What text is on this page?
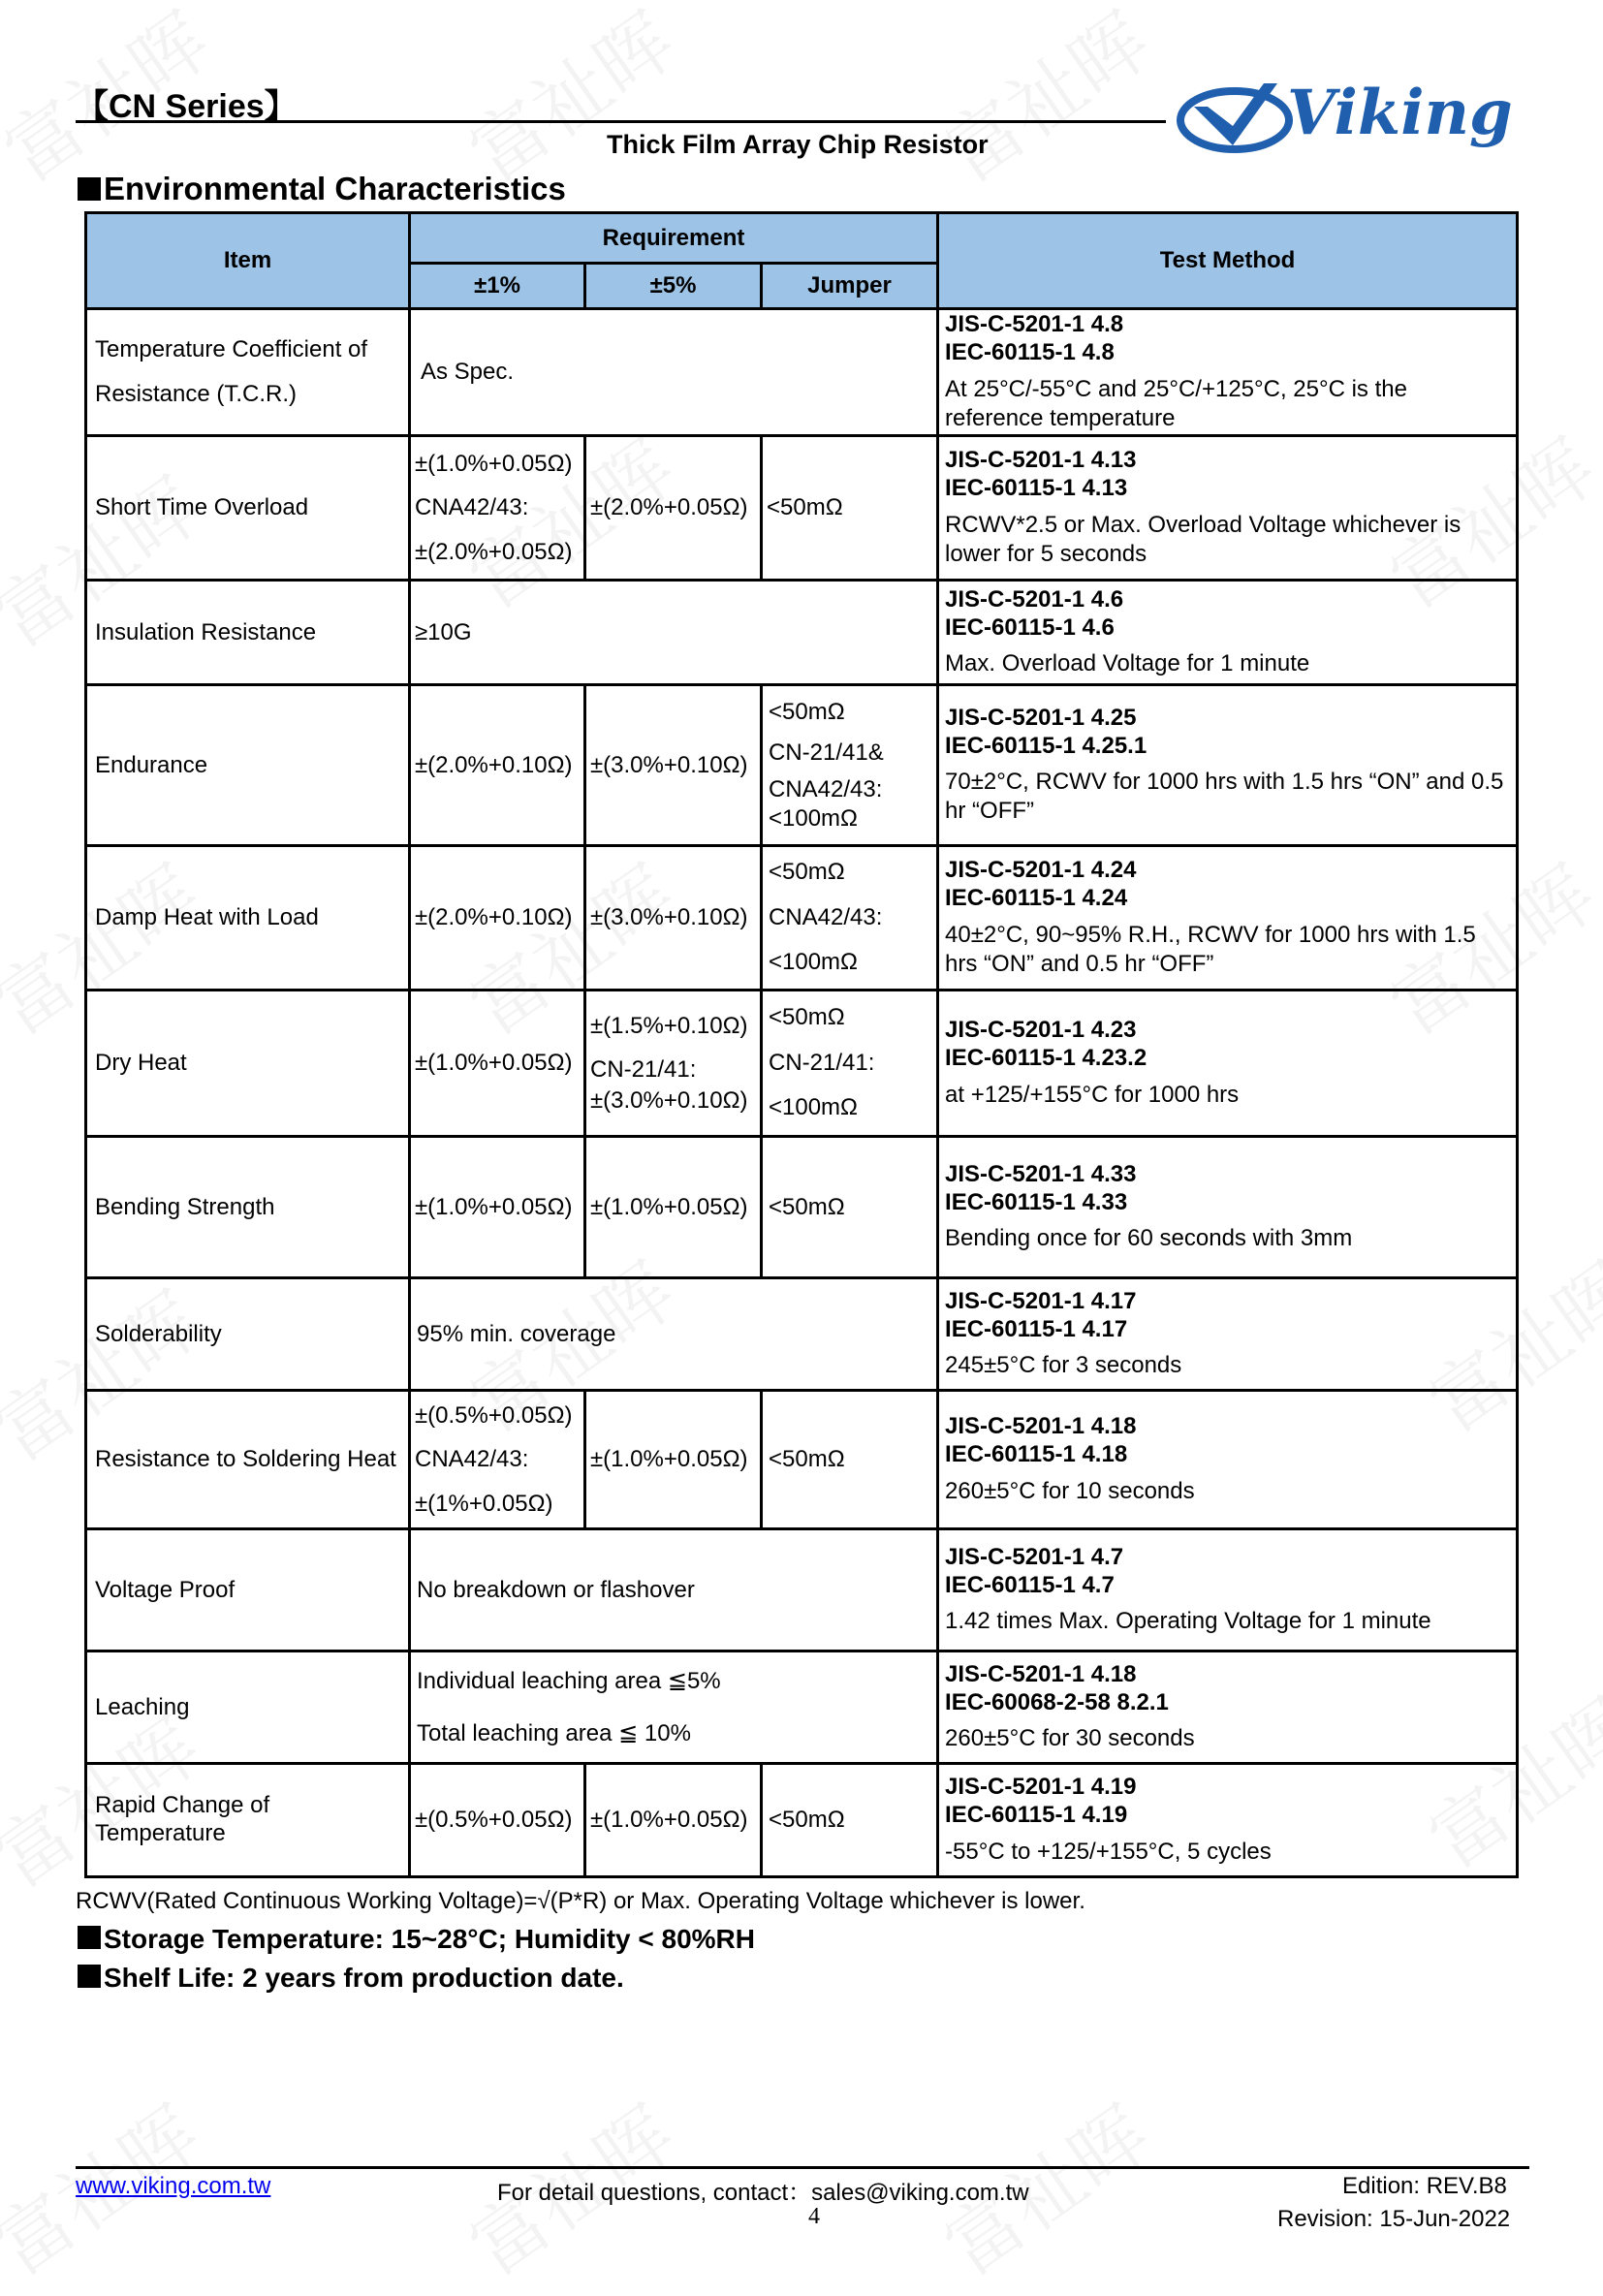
【CN Series】
Thick Film Array Chip Resistor	Viking
Environmental Characteristics
Item	Requirement			Test Method
	±1%	±5%	Jumper	

Temperature Coefficient of
Resistance (T.C.R.)	As Spec.			JIS-C-5201-1 4.8
IEC-60115-1 4.8
At 25°C/-55°C and 25°C/+125°C, 25°C is the reference temperature

Short Time Overload	±(1.0%+0.05Ω)
CNA42/43:
±(2.0%+0.05Ω)	±(2.0%+0.05Ω)	<50mΩ	JIS-C-5201-1 4.13
IEC-60115-1 4.13
RCWV*2.5 or Max. Overload Voltage whichever is lower for 5 seconds

Insulation Resistance	≥10G			JIS-C-5201-1 4.6
IEC-60115-1 4.6
Max. Overload Voltage for 1 minute

Endurance	±(2.0%+0.10Ω)	±(3.0%+0.10Ω)	<50mΩ
CN-21/41&
CNA42/43:
<100mΩ	JIS-C-5201-1 4.25
IEC-60115-1 4.25.1
70±2°C, RCWV for 1000 hrs with 1.5 hrs “ON” and 0.5 hr “OFF”

Damp Heat with Load	±(2.0%+0.10Ω)	±(3.0%+0.10Ω)	<50mΩ
CNA42/43:
<100mΩ	JIS-C-5201-1 4.24
IEC-60115-1 4.24
40±2°C, 90~95% R.H., RCWV for 1000 hrs with 1.5 hrs “ON” and 0.5 hr “OFF”

Dry Heat	±(1.0%+0.05Ω)	±(1.5%+0.10Ω)
CN-21/41:
±(3.0%+0.10Ω)	<50mΩ
CN-21/41:
<100mΩ	JIS-C-5201-1 4.23
IEC-60115-1 4.23.2
at +125/+155°C for 1000 hrs

Bending Strength	±(1.0%+0.05Ω)	±(1.0%+0.05Ω)	<50mΩ	JIS-C-5201-1 4.33
IEC-60115-1 4.33
Bending once for 60 seconds with 3mm

Solderability	95% min. coverage			JIS-C-5201-1 4.17
IEC-60115-1 4.17
245±5°C for 3 seconds

Resistance to Soldering Heat	±(0.5%+0.05Ω)
CNA42/43:
±(1%+0.05Ω)	±(1.0%+0.05Ω)	<50mΩ	JIS-C-5201-1 4.18
IEC-60115-1 4.18
260±5°C for 10 seconds

Voltage Proof	No breakdown or flashover			JIS-C-5201-1 4.7
IEC-60115-1 4.7
1.42 times Max. Operating Voltage for 1 minute

Leaching	Individual leaching area ≦5%
Total leaching area ≦ 10%			JIS-C-5201-1 4.18
IEC-60068-2-58 8.2.1
260±5°C for 30 seconds

Rapid Change of
Temperature	±(0.5%+0.05Ω)	±(1.0%+0.05Ω)	<50mΩ	JIS-C-5201-1 4.19
IEC-60115-1 4.19
-55°C to +125/+155°C, 5 cycles
RCWV(Rated Continuous Working Voltage)=√(P*R) or Max. Operating Voltage whichever is lower.
Storage Temperature: 15~28°C; Humidity < 80%RH
Shelf Life: 2 years from production date.
www.viking.com.tw	For detail questions, contact：sales@viking.com.tw	Edition: REV.B8
4	Revision: 15-Jun-2022
